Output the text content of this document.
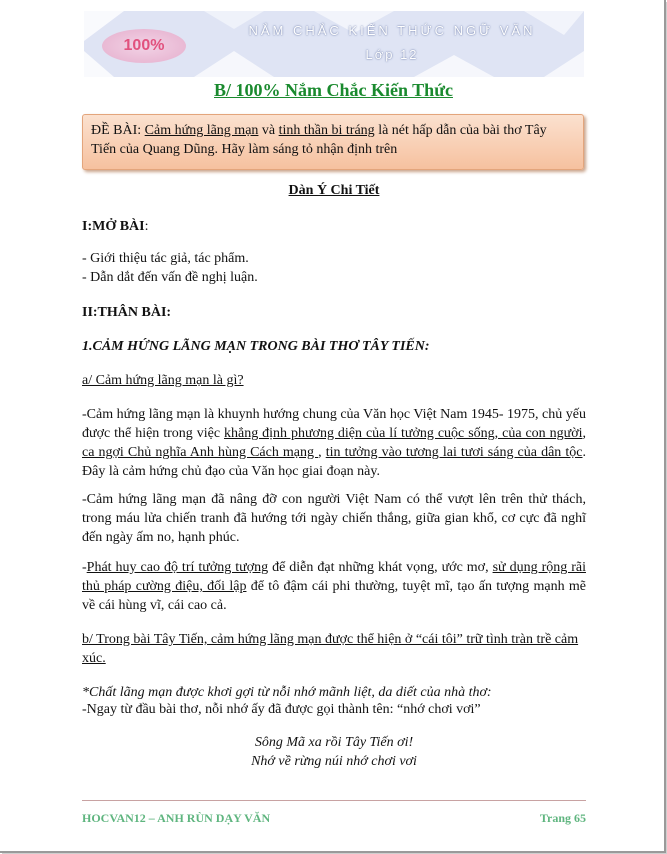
100%
NẮM CHẮC KIẾN THỨC NGỮ VĂN
Lớp 12
B/ 100% Nắm Chắc Kiến Thức
ĐỀ BÀI: Cảm hứng lãng mạn và tinh thần bi tráng là nét hấp dẫn của bài thơ Tây Tiến của Quang Dũng. Hãy làm sáng tỏ nhận định trên
Dàn Ý Chi Tiết
I:MỞ BÀI:
- Giới thiệu tác giả, tác phẩm.
- Dẫn dắt đến vấn đề nghị luận.
II:THÂN BÀI:
1.CẢM HỨNG LÃNG MẠN TRONG BÀI THƠ TÂY TIẾN:
a/ Cảm hứng lãng mạn là gì?
-Cảm hứng lãng mạn là khuynh hướng chung của Văn học Việt Nam 1945- 1975, chủ yếu được thể hiện trong việc khẳng định phương diện của lí tưởng cuộc sống, của con người, ca ngợi Chủ nghĩa Anh hùng Cách mạng , tin tưởng vào tương lai tươi sáng của dân tộc. Đây là cảm hứng chủ đạo của Văn học giai đoạn này.
-Cảm hứng lãng mạn đã nâng đỡ con người Việt Nam có thể vượt lên trên thử thách, trong máu lửa chiến tranh đã hướng tới ngày chiến thắng, giữa gian khổ, cơ cực đã nghĩ đến ngày ấm no, hạnh phúc.
-Phát huy cao độ trí tưởng tượng để diễn đạt những khát vọng, ước mơ, sử dụng rộng rãi thủ pháp cường điệu, đối lập để tô đậm cái phi thường, tuyệt mĩ, tạo ấn tượng mạnh mẽ về cái hùng vĩ, cái cao cả.
b/ Trong bài Tây Tiến, cảm hứng lãng mạn được thể hiện ở “cái tôi” trữ tình tràn trề cảm xúc.
*Chất lãng mạn được khơi gợi từ nỗi nhớ mãnh liệt, da diết của nhà thơ:
-Ngay từ đầu bài thơ, nỗi nhớ ấy đã được gọi thành tên: “nhớ chơi vơi”
Sông Mã xa rồi Tây Tiến ơi!
Nhớ về rừng núi nhớ chơi vơi
HOCVAN12 – ANH RÙN DẠY VĂN	Trang 65
